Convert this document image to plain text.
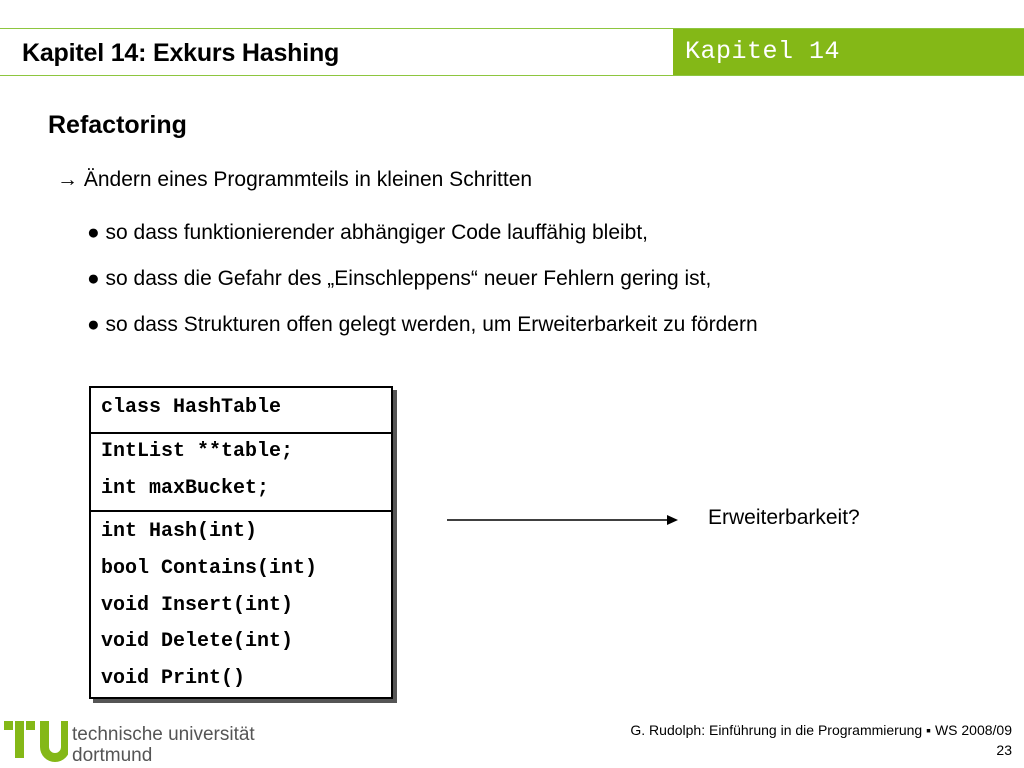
Kapitel 14: Exkurs Hashing	Kapitel 14
Refactoring
→ Ändern eines Programmteils in kleinen Schritten
● so dass funktionierender abhängiger Code lauffähig bleibt,
● so dass die Gefahr des „Einschleppens“ neuer Fehlern gering ist,
● so dass Strukturen offen gelegt werden, um Erweiterbarkeit zu fördern
class HashTable
IntList **table;
int maxBucket;
int Hash(int)
bool Contains(int)
void Insert(int)
void Delete(int)
void Print()
Erweiterbarkeit?
technische universität
dortmund
G. Rudolph: Einführung in die Programmierung ▪ WS 2008/09
23
